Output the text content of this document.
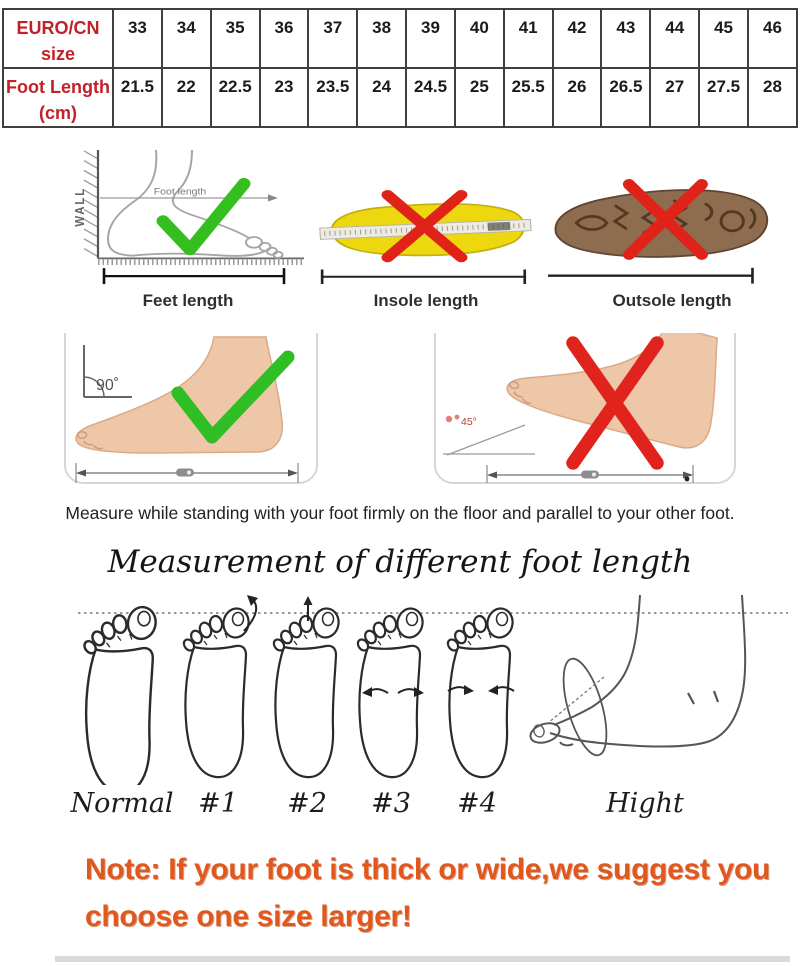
EURO/CN
size	33	34	35	36	37	38	39	40	41	42	43	44	45	46

Foot Length
(cm)	21.5	22	22.5	23	23.5	24	24.5	25	25.5	26	26.5	27	27.5	28
WALL	Foot length
Feet length	Insole length	Outsole length
90˚
45°
Measure while standing with your foot firmly on the floor and parallel to your other foot.
Measurement of different foot length
Normal #1 #2 #3 #4	Hight
Note: If your foot is thick or wide,we suggest you choose one size larger!
